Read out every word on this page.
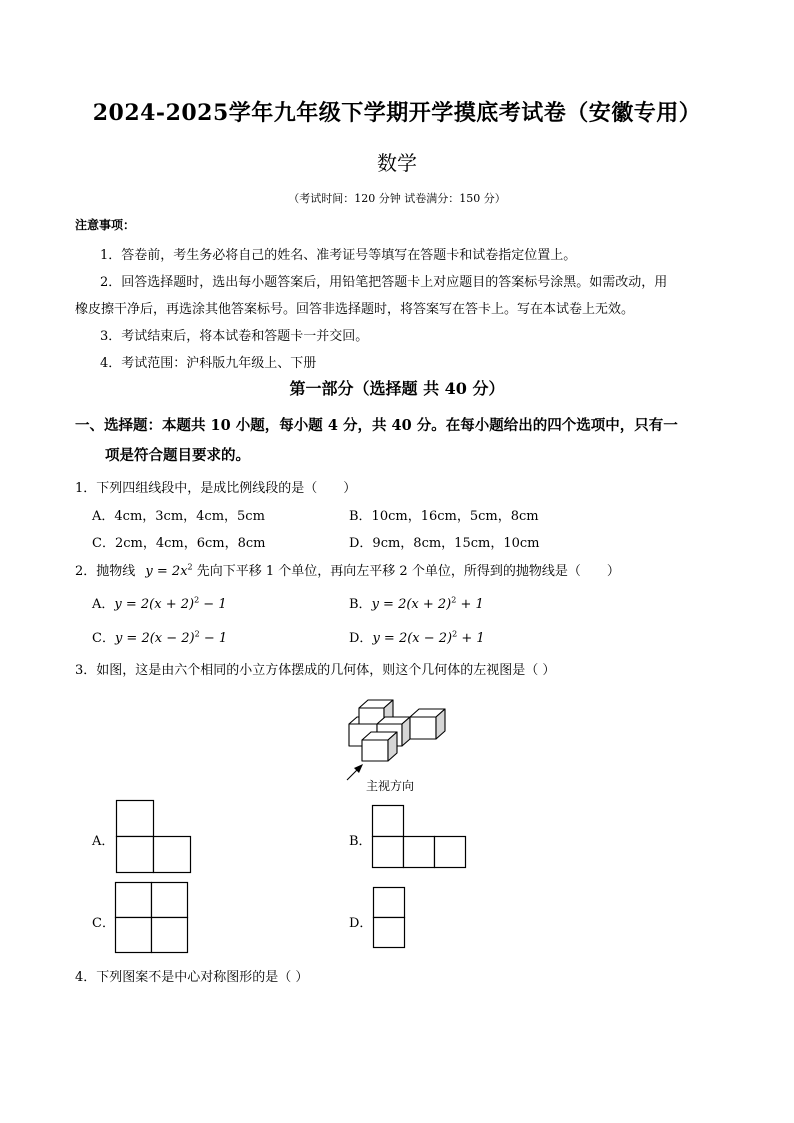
2024-2025学年九年级下学期开学摸底考试卷（安徽专用）
数学
（考试时间：120 分钟 试卷满分：150 分）
注意事项：
1．答卷前，考生务必将自己的姓名、准考证号等填写在答题卡和试卷指定位置上。
2．回答选择题时，选出每小题答案后，用铅笔把答题卡上对应题目的答案标号涂黑。如需改动，用
橡皮擦干净后，再选涂其他答案标号。回答非选择题时，将答案写在答卡上。写在本试卷上无效。
3．考试结束后，将本试卷和答题卡一并交回。
4．考试范围：沪科版九年级上、下册
第一部分（选择题 共 40 分）
一、选择题：本题共 10 小题，每小题 4 分，共 40 分。在每小题给出的四个选项中，只有一
项是符合题目要求的。
1．下列四组线段中，是成比例线段的是（　　）
A．4cm，3cm，4cm，5cm	B．10cm，16cm，5cm，8cm
C．2cm，4cm，6cm，8cm	D．9cm，8cm，15cm，10cm
2．抛物线 $y = 2x^2$ 先向下平移 1 个单位，再向左平移 2 个单位，所得到的抛物线是（　　）
A．$y = 2(x + 2)^2 - 1$	B．$y = 2(x + 2)^2 + 1$
C．$y = 2(x - 2)^2 - 1$	D．$y = 2(x - 2)^2 + 1$
3．如图，这是由六个相同的小立方体摆成的几何体，则这个几何体的左视图是（ ）
主视方向
A．	B．
C．	D．
4．下列图案不是中心对称图形的是（ ）
